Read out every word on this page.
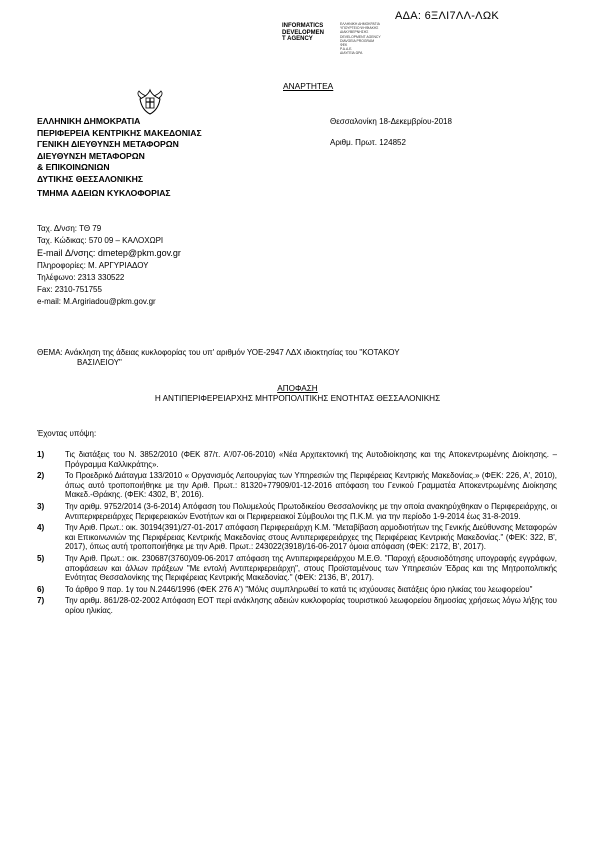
ΑΔΑ: 6ΞΛΙ7ΛΛ-ΛΩΚ
INFORMATICS
DEVELOPMEN
T AGENCY
ΕΛΛΗΝΙΚΗ ΔΗΜΟΚΡΑΤΙΑ
ΥΠΟΥΡΓΕΙΟ ΨΗΦΙΑΚΗΣ
ΔΙΑΚΥΒΕΡΝΗΣΗΣ
DEVELOPMENT AGENCY
DIAVGEIA PROGRAM
ΦΕΚ
Ρ.Α.Α.Ε.
ΔΙΑΥΓΕΙΑ ΩΡΑ
ΑΝΑΡΤΗΤΕΑ
ΕΛΛΗΝΙΚΗ ΔΗΜΟΚΡΑΤΙΑ
ΠΕΡΙΦΕΡΕΙΑ ΚΕΝΤΡΙΚΗΣ ΜΑΚΕΔΟΝΙΑΣ
ΓΕΝΙΚΗ ΔΙΕΥΘΥΝΣΗ ΜΕΤΑΦΟΡΩΝ
ΔΙΕΥΘΥΝΣΗ ΜΕΤΑΦΟΡΩΝ
& ΕΠΙΚΟΙΝΩΝΙΩΝ
ΔΥΤΙΚΗΣ ΘΕΣΣΑΛΟΝΙΚΗΣ
ΤΜΗΜΑ ΑΔΕΙΩΝ ΚΥΚΛΟΦΟΡΙΑΣ
Θεσσαλονίκη 18-Δεκεμβρίου-2018
Αριθμ. Πρωτ. 124852
Ταχ. Δ/νση: ΤΘ 79
Ταχ. Κώδικας: 570 09 – ΚΑΛΟΧΩΡΙ
E-mail Δ/νσης: dmetep@pkm.gov.gr
Πληροφορίες: Μ. ΑΡΓΥΡΙΑΔΟΥ
Τηλέφωνο: 2313 330522
Fax: 2310-751755
e-mail: M.Argiriadou@pkm.gov.gr
ΘΕΜΑ: Ανάκληση της άδειας κυκλοφορίας του υπ' αριθμόν ΥΟΕ-2947 ΛΔΧ ιδιοκτησίας του "ΚΟΤΑΚΟΥ
ΒΑΣΙΛΕΙΟΥ"
ΑΠΟΦΑΣΗ
Η ΑΝΤΙΠΕΡΙΦΕΡΕΙΑΡΧΗΣ ΜΗΤΡΟΠΟΛΙΤΙΚΗΣ ΕΝΟΤΗΤΑΣ ΘΕΣΣΑΛΟΝΙΚΗΣ
Έχοντας υπόψη:
1)	Τις διατάξεις του Ν. 3852/2010 (ΦΕΚ 87/τ. Α'/07-06-2010) «Νέα Αρχιτεκτονική της Αυτοδιοίκησης και της Αποκεντρωμένης Διοίκησης. – Πρόγραμμα Καλλικράτης».
2)	Το Προεδρικό Διάταγμα 133/2010 « Οργανισμός Λειτουργίας των Υπηρεσιών της Περιφέρειας Κεντρικής Μακεδονίας.» (ΦΕΚ: 226, Α', 2010), όπως αυτό τροποποιήθηκε με την Αριθ. Πρωτ.: 81320+77909/01-12-2016 απόφαση του Γενικού Γραμματέα Αποκεντρωμένης Διοίκησης Μακεδ.-Θράκης. (ΦΕΚ: 4302, Β', 2016).
3)	Την αριθμ. 9752/2014 (3-6-2014) Απόφαση του Πολυμελούς Πρωτοδικείου Θεσσαλονίκης με την οποία ανακηρύχθηκαν ο Περιφερειάρχης, οι Αντιπεριφερειάρχες Περιφερειακών Ενοτήτων και οι Περιφερειακοί Σύμβουλοι της Π.Κ.Μ. για την περίοδο 1-9-2014 έως 31-8-2019.
4)	Την Αριθ. Πρωτ.: οικ. 30194(391)/27-01-2017 απόφαση Περιφερειάρχη Κ.Μ. "Μεταβίβαση αρμοδιοτήτων της Γενικής Διεύθυνσης Μεταφορών και Επικοινωνιών της Περιφέρειας Κεντρικής Μακεδονίας στους Αντιπεριφερειάρχες της Περιφέρειας Κεντρικής Μακεδονίας." (ΦΕΚ: 322, Β', 2017), όπως αυτή τροποποιήθηκε με την Αριθ. Πρωτ.: 243022(3918)/16-06-2017 όμοια απόφαση (ΦΕΚ: 2172, Β', 2017).
5)	Την Αριθ. Πρωτ.: οικ. 230687(3760)/09-06-2017 απόφαση της Αντιπεριφερειάρχου Μ.Ε.Θ. "Παροχή εξουσιοδότησης υπογραφής εγγράφων, αποφάσεων και άλλων πράξεων "Με εντολή Αντιπεριφερειάρχη", στους Προϊσταμένους των Υπηρεσιών Έδρας και της Μητροπολιτικής Ενότητας Θεσσαλονίκης της Περιφέρειας Κεντρικής Μακεδονίας." (ΦΕΚ: 2136, Β', 2017).
6)	Το άρθρο 9 παρ. 1γ του Ν.2446/1996 (ΦΕΚ 276 Α') "Μόλις συμπληρωθεί το κατά τις ισχύουσες διατάξεις όριο ηλικίας του λεωφορείου"
7)	Την αριθμ. 861/28-02-2002 Απόφαση ΕΟΤ περί ανάκλησης αδειών κυκλοφορίας τουριστικού λεωφορείου δημοσίας χρήσεως λόγω λήξης του ορίου ηλικίας.
